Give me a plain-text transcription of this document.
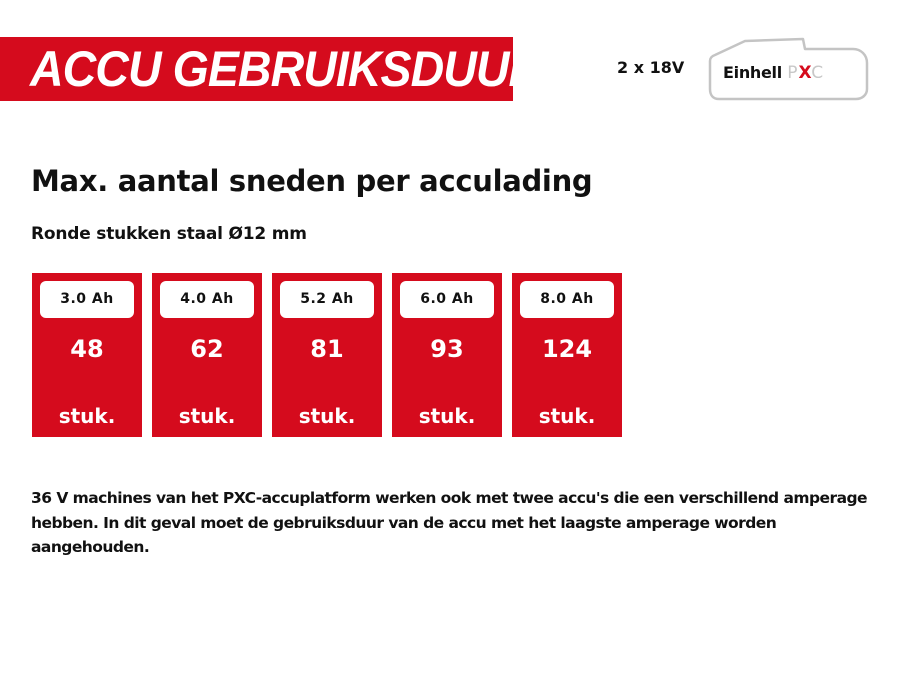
ACCU GEBRUIKSDUUR	2 x 18V Einhell PXC
Max. aantal sneden per acculading
Ronde stukken staal Ø12 mm
3.0 Ah
48
stuk.
4.0 Ah
62
stuk.
5.2 Ah
81
stuk.
6.0 Ah
93
stuk.
8.0 Ah
124
stuk.
36 V machines van het PXC-accuplatform werken ook met twee accu's die een verschillend amperage hebben. In dit geval moet de gebruiksduur van de accu met het laagste amperage worden aangehouden.
